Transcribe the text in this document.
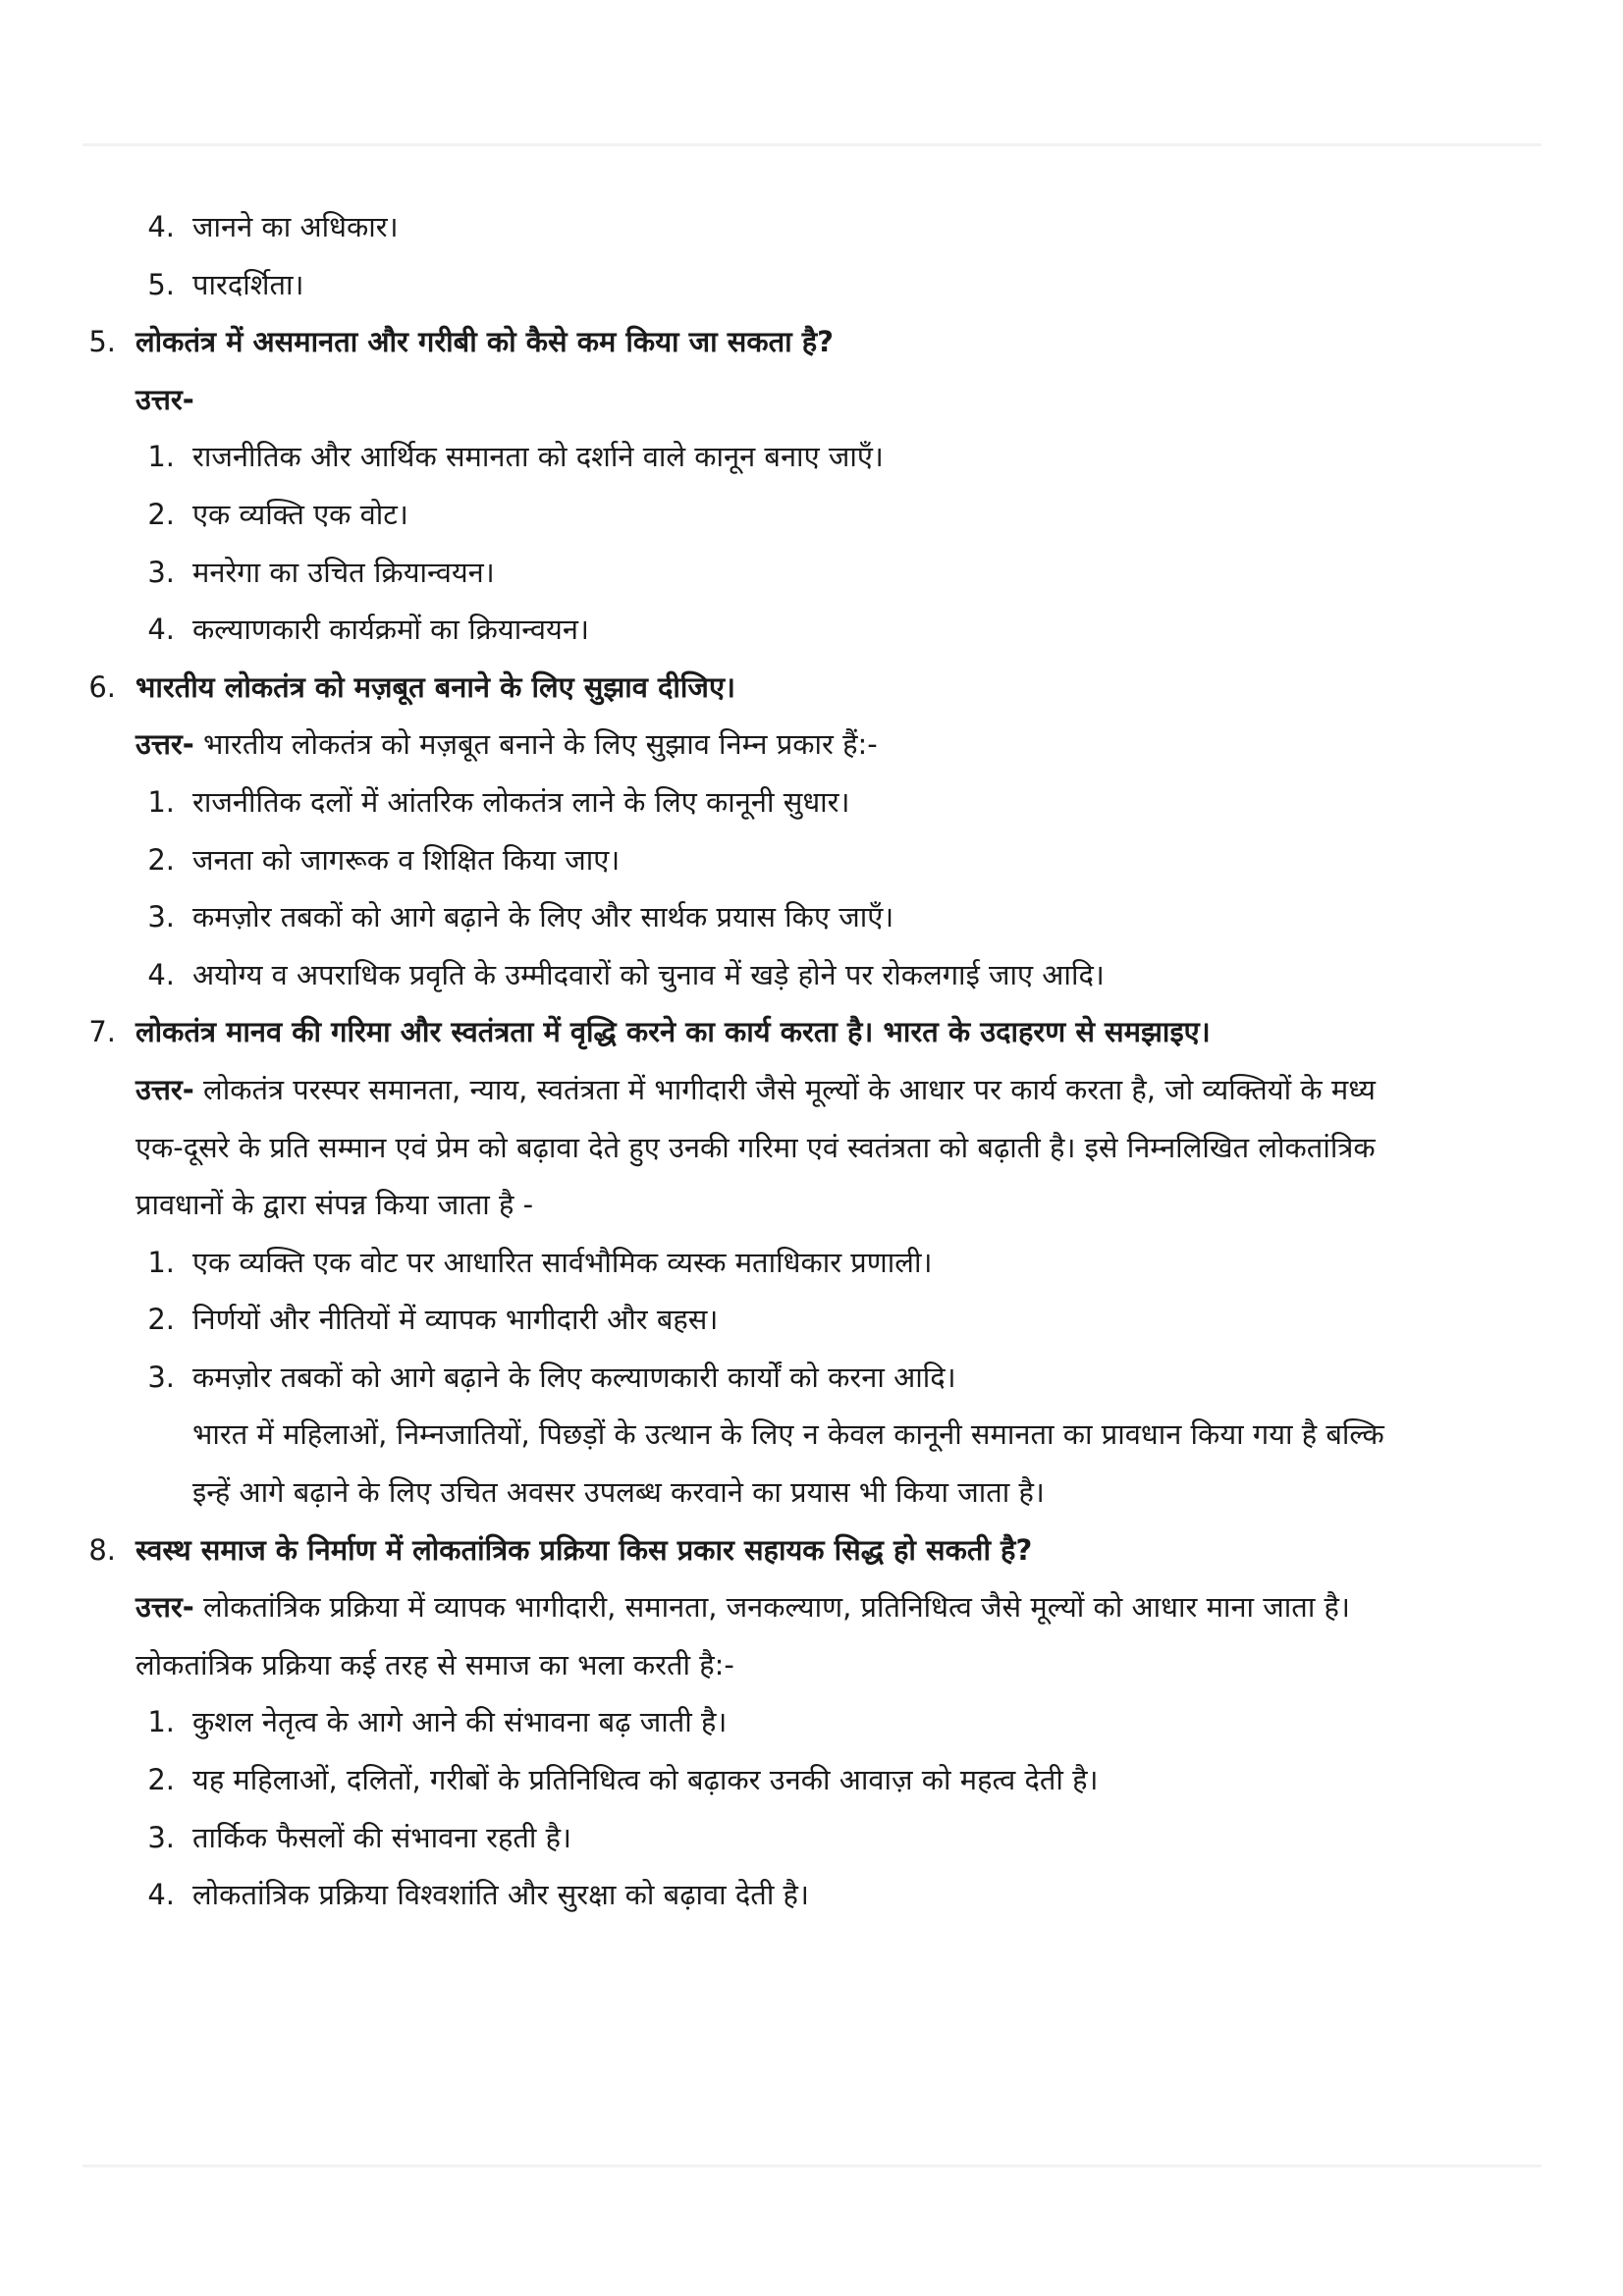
4. जानने का अधिकार।
5. पारदर्शिता।
5. लोकतंत्र में असमानता और गरीबी को कैसे कम किया जा सकता है?
उत्तर-
1. राजनीतिक और आर्थिक समानता को दर्शाने वाले कानून बनाए जाएँ।
2. एक व्यक्ति एक वोट।
3. मनरेगा का उचित क्रियान्वयन।
4. कल्याणकारी कार्यक्रमों का क्रियान्वयन।
6. भारतीय लोकतंत्र को मज़बूत बनाने के लिए सुझाव दीजिए।
उत्तर- भारतीय लोकतंत्र को मज़बूत बनाने के लिए सुझाव निम्न प्रकार हैं:-
1. राजनीतिक दलों में आंतरिक लोकतंत्र लाने के लिए कानूनी सुधार।
2. जनता को जागरूक व शिक्षित किया जाए।
3. कमज़ोर तबकों को आगे बढ़ाने के लिए और सार्थक प्रयास किए जाएँ।
4. अयोग्य व अपराधिक प्रवृति के उम्मीदवारों को चुनाव में खड़े होने पर रोकलगाई जाए आदि।
7. लोकतंत्र मानव की गरिमा और स्वतंत्रता में वृद्धि करने का कार्य करता है। भारत के उदाहरण से समझाइए।
उत्तर- लोकतंत्र परस्पर समानता, न्याय, स्वतंत्रता में भागीदारी जैसे मूल्यों के आधार पर कार्य करता है, जो व्यक्तियों के मध्य
एक-दूसरे के प्रति सम्मान एवं प्रेम को बढ़ावा देते हुए उनकी गरिमा एवं स्वतंत्रता को बढ़ाती है। इसे निम्नलिखित लोकतांत्रिक
प्रावधानों के द्वारा संपन्न किया जाता है -
1. एक व्यक्ति एक वोट पर आधारित सार्वभौमिक व्यस्क मताधिकार प्रणाली।
2. निर्णयों और नीतियों में व्यापक भागीदारी और बहस।
3. कमज़ोर तबकों को आगे बढ़ाने के लिए कल्याणकारी कार्यों को करना आदि।
भारत में महिलाओं, निम्नजातियों, पिछड़ों के उत्थान के लिए न केवल कानूनी समानता का प्रावधान किया गया है बल्कि
इन्हें आगे बढ़ाने के लिए उचित अवसर उपलब्ध करवाने का प्रयास भी किया जाता है।
8. स्वस्थ समाज के निर्माण में लोकतांत्रिक प्रक्रिया किस प्रकार सहायक सिद्ध हो सकती है?
उत्तर- लोकतांत्रिक प्रक्रिया में व्यापक भागीदारी, समानता, जनकल्याण, प्रतिनिधित्व जैसे मूल्यों को आधार माना जाता है।
लोकतांत्रिक प्रक्रिया कई तरह से समाज का भला करती है:-
1. कुशल नेतृत्व के आगे आने की संभावना बढ़ जाती है।
2. यह महिलाओं, दलितों, गरीबों के प्रतिनिधित्व को बढ़ाकर उनकी आवाज़ को महत्व देती है।
3. तार्किक फैसलों की संभावना रहती है।
4. लोकतांत्रिक प्रक्रिया विश्वशांति और सुरक्षा को बढ़ावा देती है।
